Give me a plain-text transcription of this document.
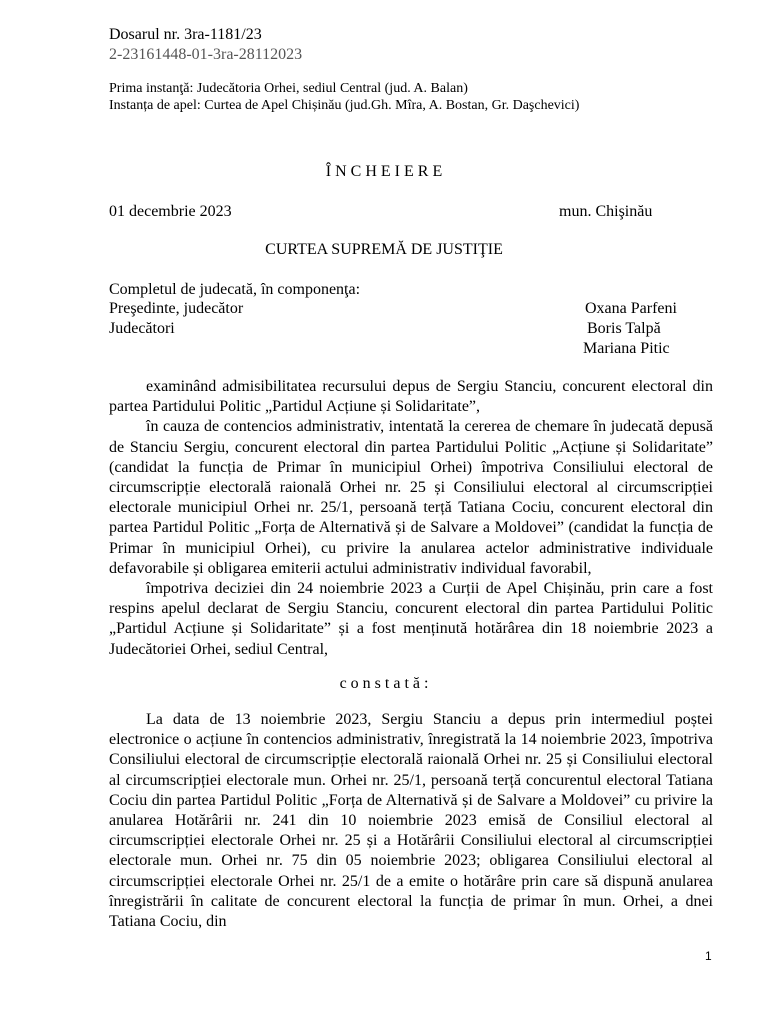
Dosarul nr. 3ra-1181/23
2-23161448-01-3ra-28112023
Prima instanţă: Judecătoria Orhei, sediul Central (jud. A. Balan)
Instanța de apel: Curtea de Apel Chișinău (jud.Gh. Mîra, A. Bostan, Gr. Daşchevici)
Î N C H E I E R E
01 decembrie 2023	mun. Chişinău
CURTEA SUPREMĂ DE JUSTIŢIE
Completul de judecată, în componenţa:
Preşedinte, judecător	Oxana Parfeni
Judecători	Boris Talpă
Mariana Pitic

examinând admisibilitatea recursului depus de Sergiu Stanciu, concurent electoral din partea Partidului Politic „Partidul Acțiune și Solidaritate”,

în cauza de contencios administrativ, intentată la cererea de chemare în judecată depusă de Stanciu Sergiu, concurent electoral din partea Partidului Politic „Acțiune și Solidaritate” (candidat la funcția de Primar în municipiul Orhei) împotriva Consiliului electoral de circumscripție electorală raională Orhei nr. 25 și Consiliului electoral al circumscripției electorale municipiul Orhei nr. 25/1, persoană terță Tatiana Cociu, concurent electoral din partea Partidul Politic „Forța de Alternativă și de Salvare a Moldovei” (candidat la funcția de Primar în municipiul Orhei), cu privire la anularea actelor administrative individuale defavorabile și obligarea emiterii actului administrativ individual favorabil,

împotriva deciziei din 24 noiembrie 2023 a Curții de Apel Chișinău, prin care a fost respins apelul declarat de Sergiu Stanciu, concurent electoral din partea Partidului Politic „Partidul Acțiune și Solidaritate” și a fost menținută hotărârea din 18 noiembrie 2023 a Judecătoriei Orhei, sediul Central,

c o n s t a t ă :

La data de 13 noiembrie 2023, Sergiu Stanciu a depus prin intermediul poștei electronice o acțiune în contencios administrativ, înregistrată la 14 noiembrie 2023, împotriva Consiliului electoral de circumscripție electorală raională Orhei nr. 25 și Consiliului electoral al circumscripției electorale mun. Orhei nr. 25/1, persoană terță concurentul electoral Tatiana Cociu din partea Partidul Politic „Forța de Alternativă și de Salvare a Moldovei” cu privire la anularea Hotărârii nr. 241 din 10 noiembrie 2023 emisă de Consiliul electoral al circumscripției electorale Orhei nr. 25 și a Hotărârii Consiliului electoral al circumscripției electorale mun. Orhei nr. 75 din 05 noiembrie 2023; obligarea Consiliului electoral al circumscripției electorale Orhei nr. 25/1 de a emite o hotărâre prin care să dispună anularea înregistrării în calitate de concurent electoral la funcția de primar în mun. Orhei, a dnei Tatiana Cociu, din

1
